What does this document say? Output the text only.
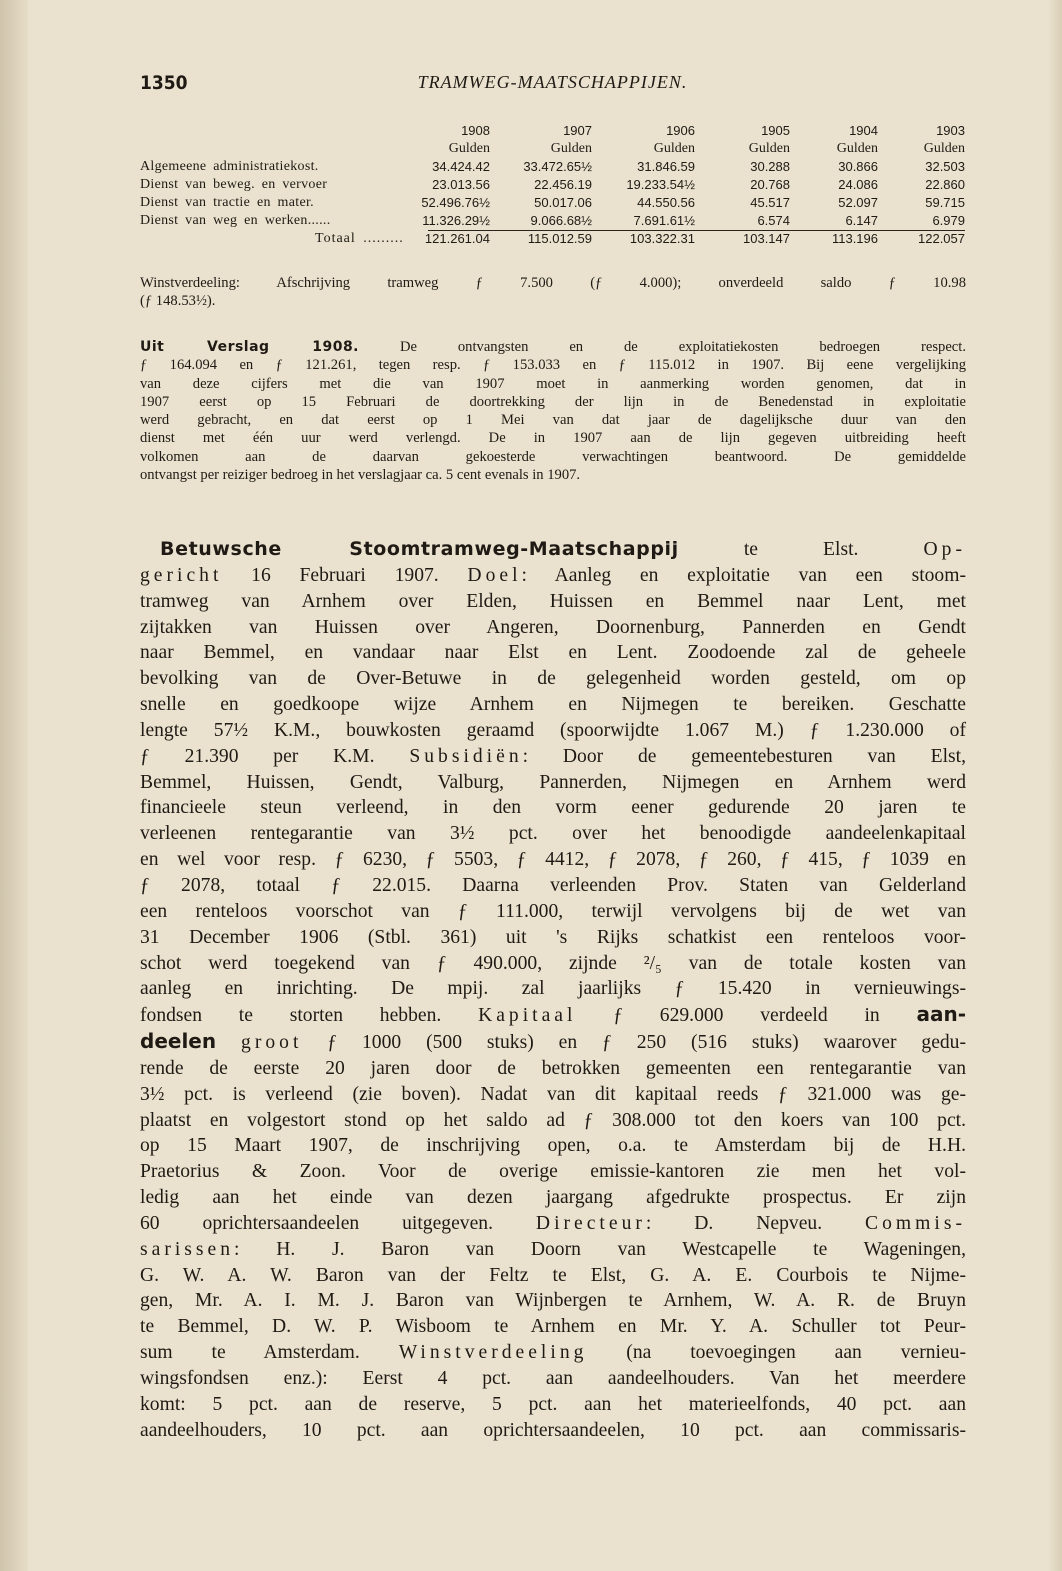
1350	TRAMWEG-MAATSCHAPPIJEN.
1908	1907	1906	1905	1904	1903
Gulden	Gulden	Gulden	Gulden	Gulden	Gulden
Algemeene administratiekost.	34.424.42	33.472.65½	31.846.59	30.288	30.866	32.503
Dienst van beweg. en vervoer	23.013.56	22.456.19	19.233.54½	20.768	24.086	22.860
Dienst van tractie en mater.	52.496.76½	50.017.06	44.550.56	45.517	52.097	59.715
Dienst van weg en werken......	11.326.29½	9.066.68½	7.691.61½	6.574	6.147	6.979
Totaal .........	121.261.04	115.012.59	103.322.31	103.147	113.196	122.057
Winstverdeeling: Afschrijving tramweg ƒ 7.500 (ƒ 4.000); onverdeeld saldo ƒ 10.98
(ƒ 148.53½).
Uit Verslag 1908.	De ontvangsten en de exploitatiekosten bedroegen respect.
ƒ 164.094 en ƒ 121.261, tegen resp. ƒ 153.033 en ƒ 115.012 in 1907. Bij eene vergelijking
van deze cijfers met die van 1907 moet in aanmerking worden genomen, dat in
1907 eerst op 15 Februari de doortrekking der lijn in de Benedenstad in exploitatie
werd gebracht, en dat eerst op 1 Mei van dat jaar de dagelijksche duur van den
dienst met één uur werd verlengd. De in 1907 aan de lijn gegeven uitbreiding heeft
volkomen aan de daarvan gekoesterde verwachtingen beantwoord. De gemiddelde
ontvangst per reiziger bedroeg in het verslagjaar ca. 5 cent evenals in 1907.
Betuwsche Stoomtramweg-Maatschappij te Elst. Op-
gericht 16 Februari 1907. Doel: Aanleg en exploitatie van een stoom-
tramweg van Arnhem over Elden, Huissen en Bemmel naar Lent, met
zijtakken van Huissen over Angeren, Doornenburg, Pannerden en Gendt
naar Bemmel, en vandaar naar Elst en Lent. Zoodoende zal de geheele
bevolking van de Over-Betuwe in de gelegenheid worden gesteld, om op
snelle en goedkoope wijze Arnhem en Nijmegen te bereiken. Geschatte
lengte 57½ K.M., bouwkosten geraamd (spoorwijdte 1.067 M.) ƒ 1.230.000 of
ƒ 21.390 per K.M. Subsidiën: Door de gemeentebesturen van Elst,
Bemmel, Huissen, Gendt, Valburg, Pannerden, Nijmegen en Arnhem werd
financieele steun verleend, in den vorm eener gedurende 20 jaren te
verleenen rentegarantie van 3½ pct. over het benoodigde aandeelenkapitaal
en wel voor resp. ƒ 6230, ƒ 5503, ƒ 4412, ƒ 2078, ƒ 260, ƒ 415, ƒ 1039 en
ƒ 2078, totaal ƒ 22.015. Daarna verleenden Prov. Staten van Gelderland
een renteloos voorschot van ƒ 111.000, terwijl vervolgens bij de wet van
31 December 1906 (Stbl. 361) uit 's Rijks schatkist een renteloos voor-
schot werd toegekend van ƒ 490.000, zijnde ²/₅ van de totale kosten van
aanleg en inrichting. De mpij. zal jaarlijks ƒ 15.420 in vernieuwings-
fondsen te storten hebben. Kapitaal ƒ 629.000 verdeeld in aan-
deelen groot ƒ 1000 (500 stuks) en ƒ 250 (516 stuks) waarover gedu-
rende de eerste 20 jaren door de betrokken gemeenten een rentegarantie van
3½ pct. is verleend (zie boven). Nadat van dit kapitaal reeds ƒ 321.000 was ge-
plaatst en volgestort stond op het saldo ad ƒ 308.000 tot den koers van 100 pct.
op 15 Maart 1907, de inschrijving open, o.a. te Amsterdam bij de H.H.
Praetorius & Zoon. Voor de overige emissie-kantoren zie men het vol-
ledig aan het einde van dezen jaargang afgedrukte prospectus. Er zijn
60 oprichtersaandeelen uitgegeven. Directeur: D. Nepveu. Commis-
sarissen: H. J. Baron van Doorn van Westcapelle te Wageningen,
G. W. A. W. Baron van der Feltz te Elst, G. A. E. Courbois te Nijme-
gen, Mr. A. I. M. J. Baron van Wijnbergen te Arnhem, W. A. R. de Bruyn
te Bemmel, D. W. P. Wisboom te Arnhem en Mr. Y. A. Schuller tot Peur-
sum te Amsterdam. Winstverdeeling (na toevoegingen aan vernieu-
wingsfondsen enz.): Eerst 4 pct. aan aandeelhouders. Van het meerdere
komt: 5 pct. aan de reserve, 5 pct. aan het materieelfonds, 40 pct. aan
aandeelhouders, 10 pct. aan oprichtersaandeelen, 10 pct. aan commissaris-
